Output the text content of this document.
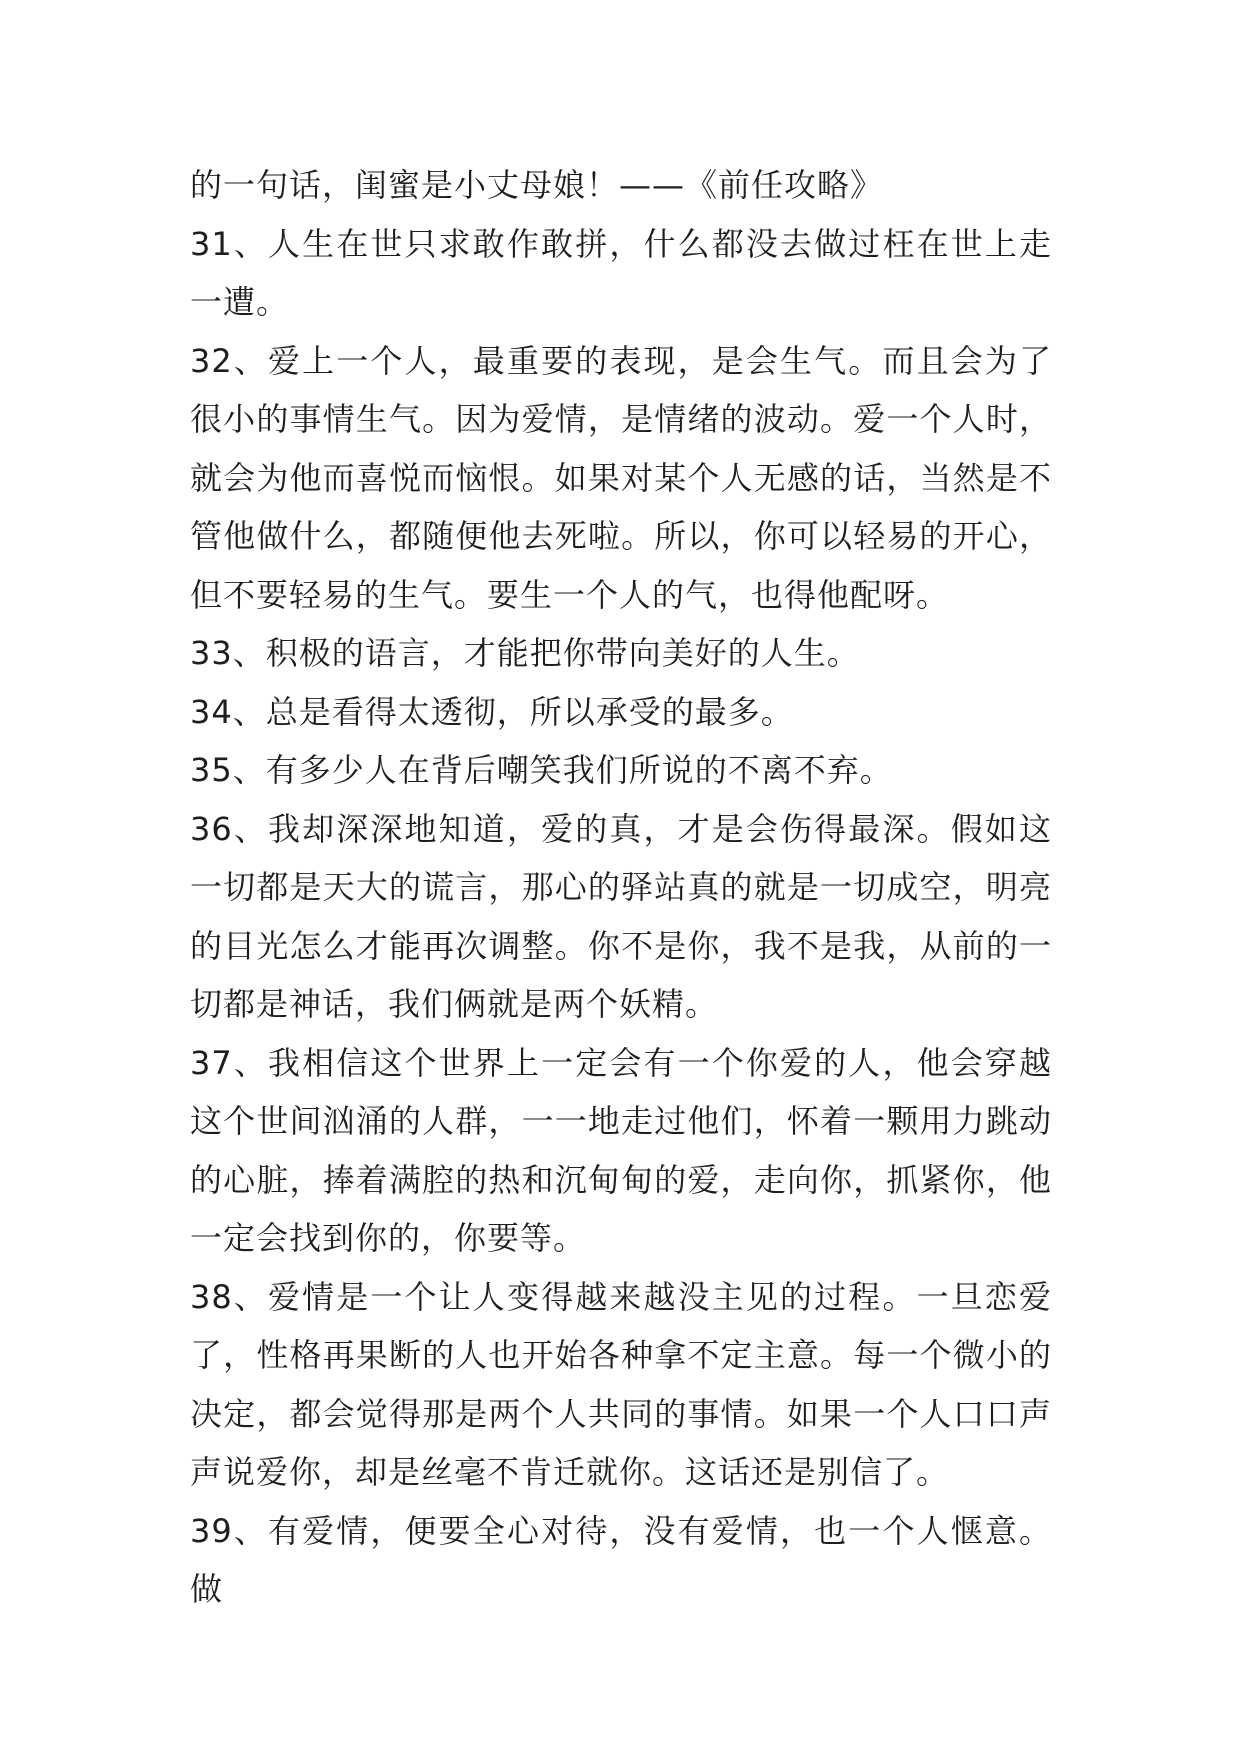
的一句话，闺蜜是小丈母娘！——《前任攻略》

31、人生在世只求敢作敢拼，什么都没去做过枉在世上走一遭。

32、爱上一个人，最重要的表现，是会生气。而且会为了很小的事情生气。因为爱情，是情绪的波动。爱一个人时，就会为他而喜悦而恼恨。如果对某个人无感的话，当然是不管他做什么，都随便他去死啦。所以，你可以轻易的开心，但不要轻易的生气。要生一个人的气，也得他配呀。

33、积极的语言，才能把你带向美好的人生。

34、总是看得太透彻，所以承受的最多。

35、有多少人在背后嘲笑我们所说的不离不弃。

36、我却深深地知道，爱的真，才是会伤得最深。假如这一切都是天大的谎言，那心的驿站真的就是一切成空，明亮的目光怎么才能再次调整。你不是你，我不是我，从前的一切都是神话，我们俩就是两个妖精。

37、我相信这个世界上一定会有一个你爱的人，他会穿越这个世间汹涌的人群，一一地走过他们，怀着一颗用力跳动的心脏，捧着满腔的热和沉甸甸的爱，走向你，抓紧你，他一定会找到你的，你要等。

38、爱情是一个让人变得越来越没主见的过程。一旦恋爱了，性格再果断的人也开始各种拿不定主意。每一个微小的决定，都会觉得那是两个人共同的事情。如果一个人口口声声说爱你，却是丝毫不肯迁就你。这话还是别信了。

39、有爱情，便要全心对待，没有爱情，也一个人惬意。做
